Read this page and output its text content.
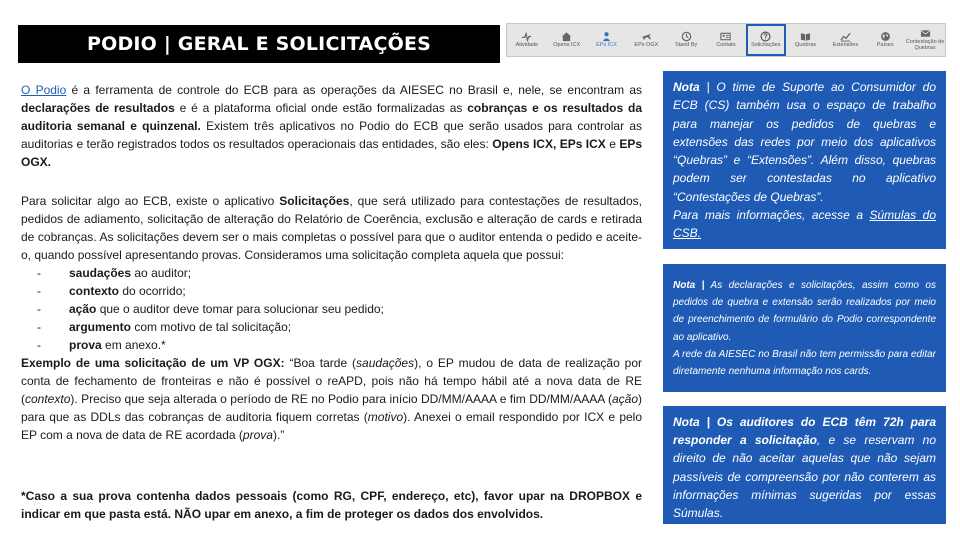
PODIO | GERAL E SOLICITAÇÕES	Atividade	Opens ICX	EPs ICX	EPs OGX	Stand By	Contato	Solicitações	Quebras	Extensões	Países Contestação de Quebras

O Podio é a ferramenta de controle do ECB para as operações da AIESEC no Brasil e, nele, se encontram as declarações de resultados e é a plataforma oficial onde estão formalizadas as cobranças e os resultados da auditoria semanal e quinzenal. Existem três aplicativos no Podio do ECB que serão usados para controlar as auditorias e terão registrados todos os resultados operacionais das entidades, são eles: Opens ICX, EPs ICX e EPs OGX.

Para solicitar algo ao ECB, existe o aplicativo Solicitações, que será utilizado para contestações de resultados, pedidos de adiamento, solicitação de alteração do Relatório de Coerência, exclusão e alteração de cards e retirada de cobranças. As solicitações devem ser o mais completas o possível para que o auditor entenda o pedido e aceite-o, quando possível apresentando provas. Consideramos uma solicitação completa aquela que possui:

- saudações ao auditor;
- contexto do ocorrido;
- ação que o auditor deve tomar para solucionar seu pedido;
- argumento com motivo de tal solicitação;
- prova em anexo.*

Exemplo de uma solicitação de um VP OGX: “Boa tarde (saudações), o EP mudou de data de realização por conta de fechamento de fronteiras e não é possível o reAPD, pois não há tempo hábil até a nova data de RE (contexto). Preciso que seja alterada o período de RE no Podio para início DD/MM/AAAA e fim DD/MM/AAAA (ação) para que as DDLs das cobranças de auditoria fiquem corretas (motivo). Anexei o email respondido por ICX e pelo EP com a nova de data de RE acordada (prova).”

*Caso a sua prova contenha dados pessoais (como RG, CPF, endereço, etc), favor upar na DROPBOX e indicar em que pasta está. NÃO upar em anexo, a fim de proteger os dados dos envolvidos.

Nota | O time de Suporte ao Consumidor do ECB (CS) também usa o espaço de trabalho para manejar os pedidos de quebras e extensões das redes por meio dos aplicativos “Quebras” e “Extensões”. Além disso, quebras podem ser contestadas no aplicativo “Contestações de Quebras”.

Para mais informações, acesse a Súmulas do CSB.

Nota | As declarações e solicitações, assim como os pedidos de quebra e extensão serão realizados por meio de preenchimento de formulário do Podio correspondente ao aplicativo.

A rede da AIESEC no Brasil não tem permissão para editar diretamente nenhuma informação nos cards.

Nota | Os auditores do ECB têm 72h para responder a solicitação, e se reservam no direito de não aceitar aquelas que não sejam passíveis de compreensão por não conterem as informações mínimas sugeridas por essas Súmulas.
